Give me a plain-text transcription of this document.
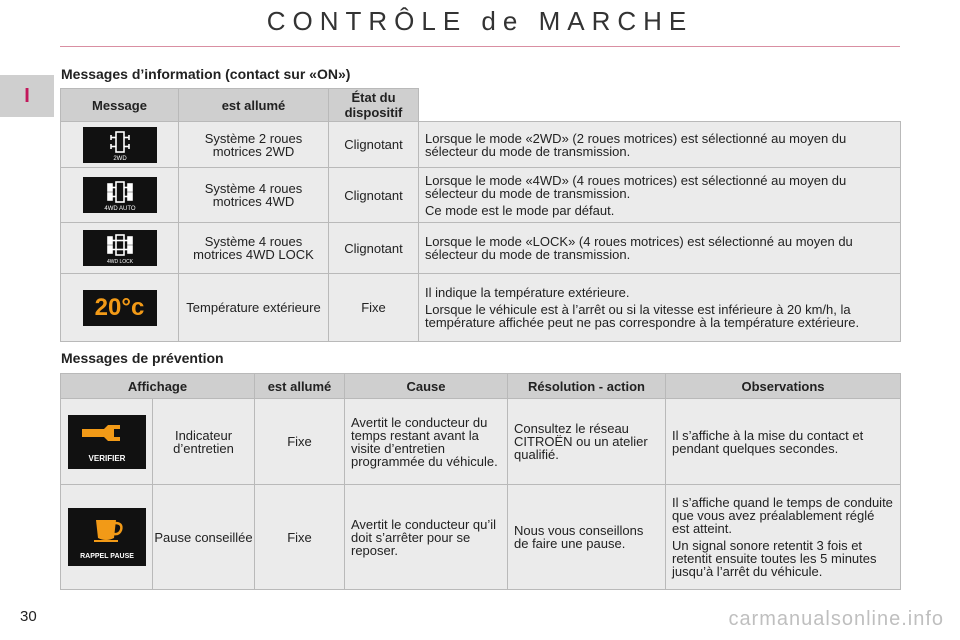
CONTRÔLE de MARCHE
I
Messages d’information (contact sur «ON»)
Message	est allumé	État du dispositif	

2WD	Système 2 roues motrices 2WD	Clignotant	Lorsque le mode «2WD» (2 roues motrices) est sélectionné au moyen du sélecteur du mode de transmission.

4WD AUTO	Système 4 roues motrices 4WD	Clignotant	Lorsque le mode «4WD» (4 roues motrices) est sélectionné au moyen du sélecteur du mode de transmission.

Ce mode est le mode par défaut.

4WD LOCK	Système 4 roues motrices 4WD LOCK	Clignotant	Lorsque le mode «LOCK» (4 roues motrices) est sélectionné au moyen du sélecteur du mode de transmission.

20°c	Température extérieure	Fixe	Il indique la température extérieure.

Lorsque le véhicule est à l’arrêt ou si la vitesse est inférieure à 20 km/h, la température affichée peut ne pas correspondre à la température extérieure.

Messages de prévention
Affichage		est allumé	Cause	Résolution - action	Observations

VERIFIER	Indicateur d’entretien	Fixe	Avertit le conducteur du temps restant avant la visite d’entretien programmée du véhicule.	Consultez le réseau CITROËN ou un atelier qualifié.	Il s’affiche à la mise du contact et pendant quelques secondes.

RAPPEL PAUSE	Pause conseillée	Fixe	Avertit le conducteur qu’il doit s’arrêter pour se reposer.	Nous vous conseillons de faire une pause.	Il s’affiche quand le temps de conduite que vous avez préalablement réglé est atteint.

Un signal sonore retentit 3 fois et retentit ensuite toutes les 5 minutes jusqu’à l’arrêt du véhicule.

30	carmanualsonline.info
